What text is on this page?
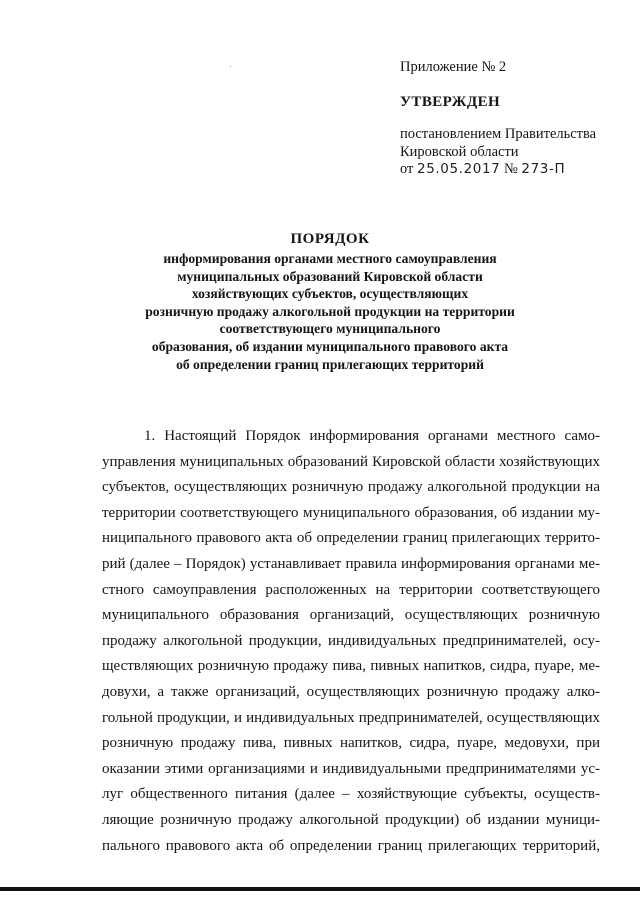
Приложение № 2
УТВЕРЖДЕН
постановлением Правительства
Кировской области
от 25.05.2017 № 273-П
ПОРЯДОК
информирования органами местного самоуправления
муниципальных образований Кировской области
хозяйствующих субъектов, осуществляющих
розничную продажу алкогольной продукции на территории
соответствующего муниципального
образования, об издании муниципального правового акта
об определении границ прилегающих территорий
1. Настоящий Порядок информирования органами местного само-
управления муниципальных образований Кировской области хозяйствующих
субъектов, осуществляющих розничную продажу алкогольной продукции на
территории соответствующего муниципального образования, об издании му-
ниципального правового акта об определении границ прилегающих террито-
рий (далее – Порядок) устанавливает правила информирования органами ме-
стного самоуправления расположенных на территории соответствующего
муниципального образования организаций, осуществляющих розничную
продажу алкогольной продукции, индивидуальных предпринимателей, осу-
ществляющих розничную продажу пива, пивных напитков, сидра, пуаре, ме-
довухи, а также организаций, осуществляющих розничную продажу алко-
гольной продукции, и индивидуальных предпринимателей, осуществляющих
розничную продажу пива, пивных напитков, сидра, пуаре, медовухи, при
оказании этими организациями и индивидуальными предпринимателями ус-
луг общественного питания (далее – хозяйствующие субъекты, осуществ-
ляющие розничную продажу алкогольной продукции) об издании муници-
пального правового акта об определении границ прилегающих территорий,
